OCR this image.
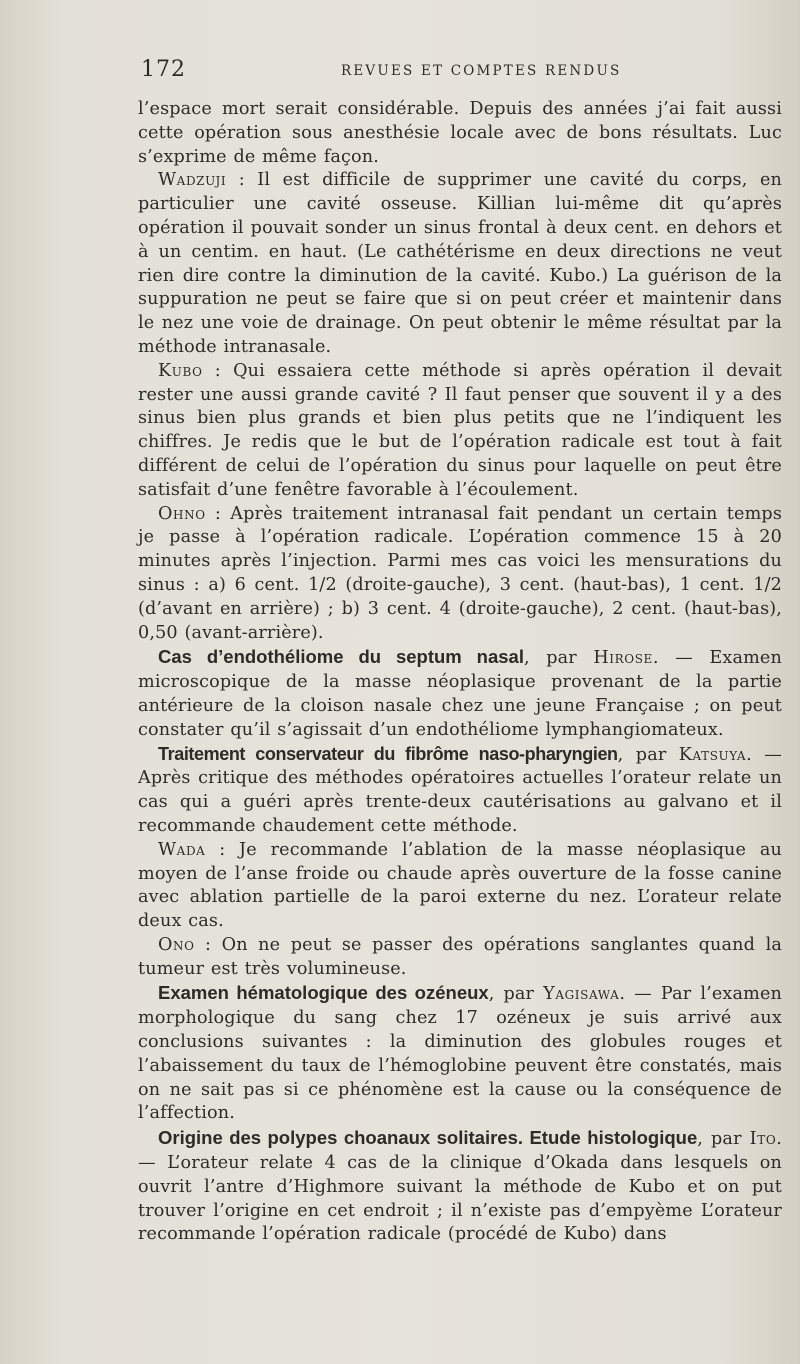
172	REVUES ET COMPTES RENDUS

l’espace mort serait considérable. Depuis des années j’ai fait aussi cette opération sous anesthésie locale avec de bons résultats. Luc s’exprime de même façon.

Wadzuji : Il est difficile de supprimer une cavité du corps, en particulier une cavité osseuse. Killian lui-même dit qu’après opération il pouvait sonder un sinus frontal à deux cent. en dehors et à un centim. en haut. (Le cathétérisme en deux directions ne veut rien dire contre la diminution de la cavité. Kubo.) La guérison de la suppuration ne peut se faire que si on peut créer et maintenir dans le nez une voie de drainage. On peut obtenir le même résultat par la méthode intranasale.

Kubo : Qui essaiera cette méthode si après opération il devait rester une aussi grande cavité ? Il faut penser que souvent il y a des sinus bien plus grands et bien plus petits que ne l’indiquent les chiffres. Je redis que le but de l’opération radicale est tout à fait différent de celui de l’opération du sinus pour laquelle on peut être satisfait d’une fenêtre favorable à l’écoulement.

Ohno : Après traitement intranasal fait pendant un certain temps je passe à l’opération radicale. L’opération commence 15 à 20 minutes après l’injection. Parmi mes cas voici les mensurations du sinus : a) 6 cent. 1/2 (droite-gauche), 3 cent. (haut-bas), 1 cent. 1/2 (d’avant en arrière) ; b) 3 cent. 4 (droite-gauche), 2 cent. (haut-bas), 0,50 (avant-arrière).

Cas d’endothéliome du septum nasal, par Hirose. — Examen microscopique de la masse néoplasique provenant de la partie antérieure de la cloison nasale chez une jeune Française ; on peut constater qu’il s’agissait d’un endothéliome lymphangiomateux.

Traitement conservateur du fibrôme naso-pharyngien, par Katsuya. — Après critique des méthodes opératoires actuelles l’orateur relate un cas qui a guéri après trente-deux cautérisations au galvano et il recommande chaudement cette méthode.

Wada : Je recommande l’ablation de la masse néoplasique au moyen de l’anse froide ou chaude après ouverture de la fosse canine avec ablation partielle de la paroi externe du nez. L’orateur relate deux cas.

Ono : On ne peut se passer des opérations sanglantes quand la tumeur est très volumineuse.

Examen hématologique des ozéneux, par Yagisawa. — Par l’examen morphologique du sang chez 17 ozéneux je suis arrivé aux conclusions suivantes : la diminution des globules rouges et l’abaissement du taux de l’hémoglobine peuvent être constatés, mais on ne sait pas si ce phénomène est la cause ou la conséquence de l’affection.

Origine des polypes choanaux solitaires. Etude histologique, par Ito. — L’orateur relate 4 cas de la clinique d’Okada dans lesquels on ouvrit l’antre d’Highmore suivant la méthode de Kubo et on put trouver l’origine en cet endroit ; il n’existe pas d’empyème L’orateur recommande l’opération radicale (procédé de Kubo) dans
